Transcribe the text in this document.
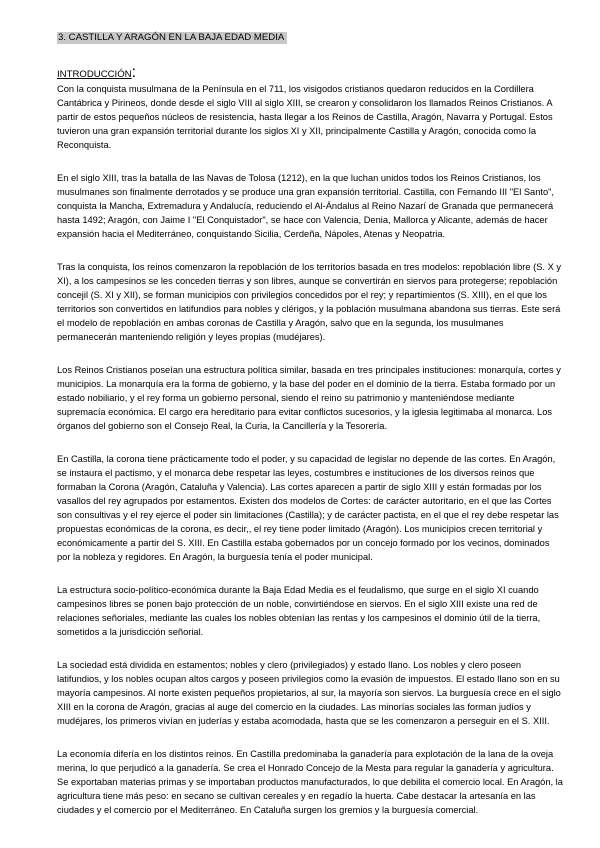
3. CASTILLA Y ARAGÓN EN LA BAJA EDAD MEDIA
INTRODUCCIÓN:

Con la conquista musulmana de la Península en el 711, los visigodos cristianos quedaron reducidos en la Cordillera Cantábrica y Pirineos, donde desde el siglo VIII al siglo XIII, se crearon y consolidaron los llamados Reinos Cristianos. A partir de estos pequeños núcleos de resistencia, hasta llegar a los Reinos de Castilla, Aragón, Navarra y Portugal. Estos tuvieron una gran expansión territorial durante los siglos XI y XII, principalmente Castilla y Aragón, conocida como la Reconquista.

En el siglo XIII, tras la batalla de las Navas de Tolosa (1212), en la que luchan unidos todos los Reinos Cristianos, los musulmanes son finalmente derrotados y se produce una gran expansión territorial. Castilla, con Fernando III "El Santo", conquista la Mancha, Extremadura y Andalucía, reduciendo el Al-Ándalus al Reino Nazarí de Granada que permanecerá hasta 1492; Aragón, con Jaime I "El Conquistador", se hace con Valencia, Denia, Mallorca y Alicante, además de hacer expansión hacia el Mediterráneo, conquistando Sicilia, Cerdeña, Nápoles, Atenas y Neopatria.

Tras la conquista, los reinos comenzaron la repoblación de los territorios basada en tres modelos: repoblación libre (S. X y XI), a los campesinos se les conceden tierras y son libres, aunque se convertirán en siervos para protegerse; repoblación concejil (S. XI y XII), se forman municipios con privilegios concedidos por el rey; y repartimientos (S. XIII), en el que los territorios son convertidos en latifundios para nobles y clérigos, y la población musulmana abandona sus tierras. Este será el modelo de repoblación en ambas coronas de Castilla y Aragón, salvo que en la segunda, los musulmanes permanecerán manteniendo religión y leyes propias (mudéjares).

Los Reinos Cristianos poseían una estructura política similar, basada en tres principales instituciones: monarquía, cortes y municipios. La monarquía era la forma de gobierno, y la base del poder en el dominio de la tierra. Estaba formado por un estado nobiliario, y el rey forma un gobierno personal, siendo el reino su patrimonio y manteniéndose mediante supremacía económica. El cargo era hereditario para evitar conflictos sucesorios, y la iglesia legitimaba al monarca. Los órganos del gobierno son el Consejo Real, la Curia, la Cancillería y la Tesorería.

En Castilla, la corona tiene prácticamente todo el poder, y su capacidad de legislar no depende de las cortes. En Aragón, se instaura el pactismo, y el monarca debe respetar las leyes, costumbres e instituciones de los diversos reinos que formaban la Corona (Aragón, Cataluña y Valencia). Las cortes aparecen a partir de siglo XIII y están formadas por los vasallos del rey agrupados por estamentos. Existen dos modelos de Cortes: de carácter autoritario, en el que las Cortes son consultivas y el rey ejerce el poder sin limitaciones (Castilla); y de carácter pactista, en el que el rey debe respetar las propuestas económicas de la corona, es decir,, el rey tiene poder limitado (Aragón). Los municipios crecen territorial y económicamente a partir del S. XIII. En Castilla estaba gobernados por un concejo formado por los vecinos, dominados por la nobleza y regidores. En Aragón, la burguesía tenía el poder municipal.

La estructura socio-político-económica durante la Baja Edad Media es el feudalismo, que surge en el siglo XI cuando campesinos libres se ponen bajo protección de un noble, convirtiéndose en siervos. En el siglo XIII existe una red de relaciones señoriales, mediante las cuales los nobles obtenían las rentas y los campesinos el dominio útil de la tierra, sometidos a la jurisdicción señorial.

La sociedad está dividida en estamentos; nobles y clero (privilegiados) y estado llano. Los nobles y clero poseen latifundios, y los nobles ocupan altos cargos y poseen privilegios como la evasión de impuestos. El estado llano son en su mayoría campesinos. Al norte existen pequeños propietarios, al sur, la mayoría son siervos. La burguesía crece en el siglo XIII en la corona de Aragón, gracias al auge del comercio en la ciudades. Las minorías sociales las forman judíos y mudéjares, los primeros vivían en juderías y estaba acomodada, hasta que se les comenzaron a perseguir en el S. XIII.

La economía difería en los distintos reinos. En Castilla predominaba la ganadería para explotación de la lana de la oveja merina, lo que perjudicó a la ganadería. Se crea el Honrado Concejo de la Mesta para regular la ganadería y agricultura. Se exportaban materias primas y se importaban productos manufacturados, lo que debilita el comercio local. En Aragón, la agricultura tiene más peso: en secano se cultivan cereales y en regadío la huerta. Cabe destacar la artesanía en las ciudades y el comercio por el Mediterráneo. En Cataluña surgen los gremios y la burguesía comercial.
